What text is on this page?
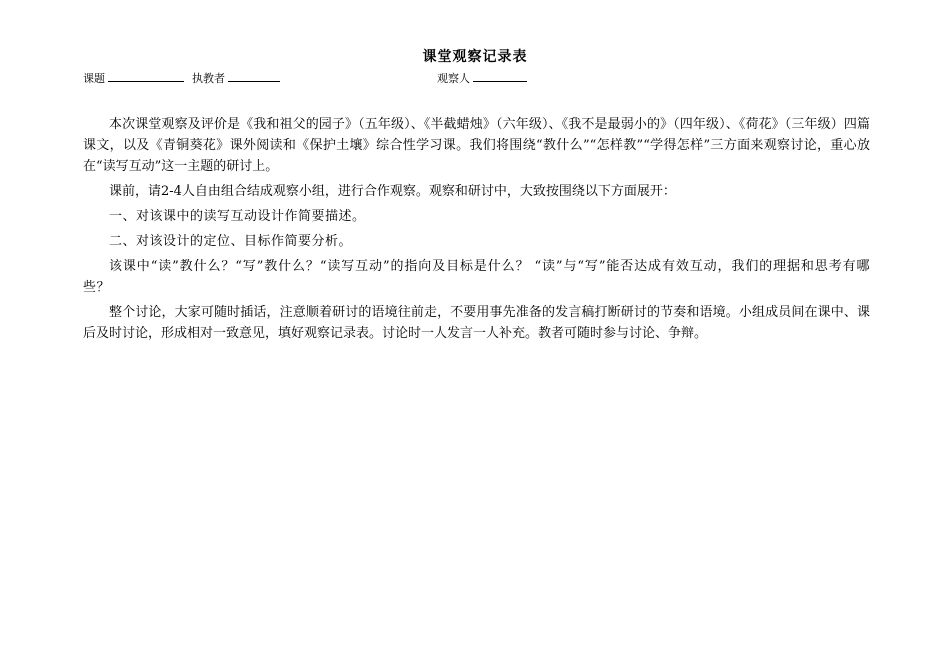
课堂观察记录表
课题	执教者	观察人

本次课堂观察及评价是《我和祖父的园子》（五年级）、《半截蜡烛》（六年级）、《我不是最弱小的》（四年级）、《荷花》（三年级）四篇课文，以及《青铜葵花》课外阅读和《保护土壤》综合性学习课。我们将围绕“教什么”“怎样教”“学得怎样”三方面来观察讨论，重心放在“读写互动”这一主题的研讨上。

课前，请2-4人自由组合结成观察小组，进行合作观察。观察和研讨中，大致按围绕以下方面展开：

一、对该课中的读写互动设计作简要描述。

二、对该设计的定位、目标作简要分析。

该课中“读”教什么？“写”教什么？“读写互动”的指向及目标是什么？ “读”与“写”能否达成有效互动，我们的理据和思考有哪些？

整个讨论，大家可随时插话，注意顺着研讨的语境往前走，不要用事先准备的发言稿打断研讨的节奏和语境。小组成员间在课中、课后及时讨论，形成相对一致意见，填好观察记录表。讨论时一人发言一人补充。教者可随时参与讨论、争辩。
